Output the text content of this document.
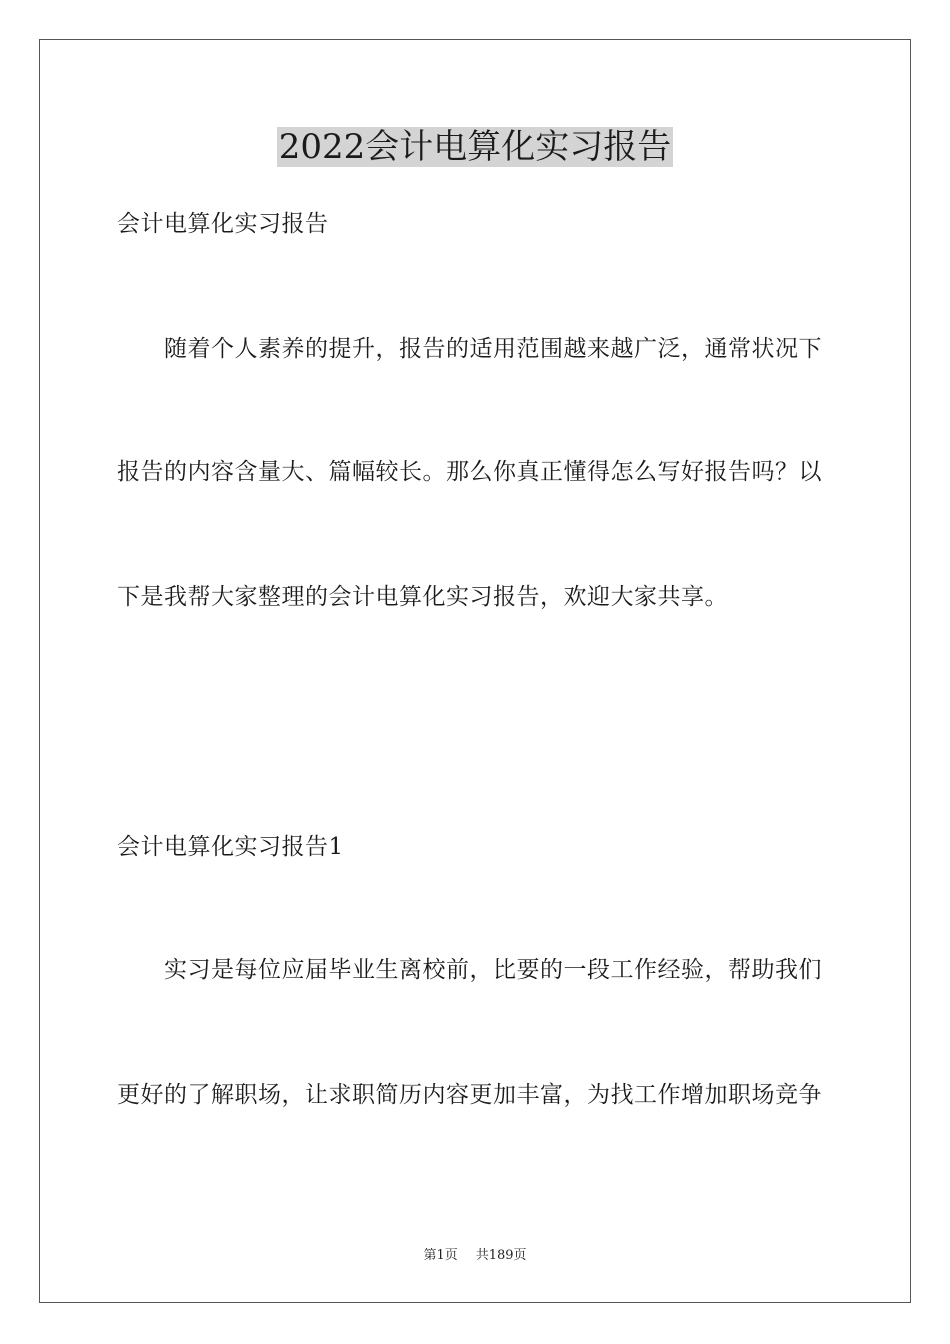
2022会计电算化实习报告

会计电算化实习报告

随着个人素养的提升，报告的适用范围越来越广泛，通常状况下

报告的内容含量大、篇幅较长。那么你真正懂得怎么写好报告吗？以

下是我帮大家整理的会计电算化实习报告，欢迎大家共享。

会计电算化实习报告1

实习是每位应届毕业生离校前，比要的一段工作经验，帮助我们

更好的了解职场，让求职简历内容更加丰富，为找工作增加职场竞争

第1页 共189页
